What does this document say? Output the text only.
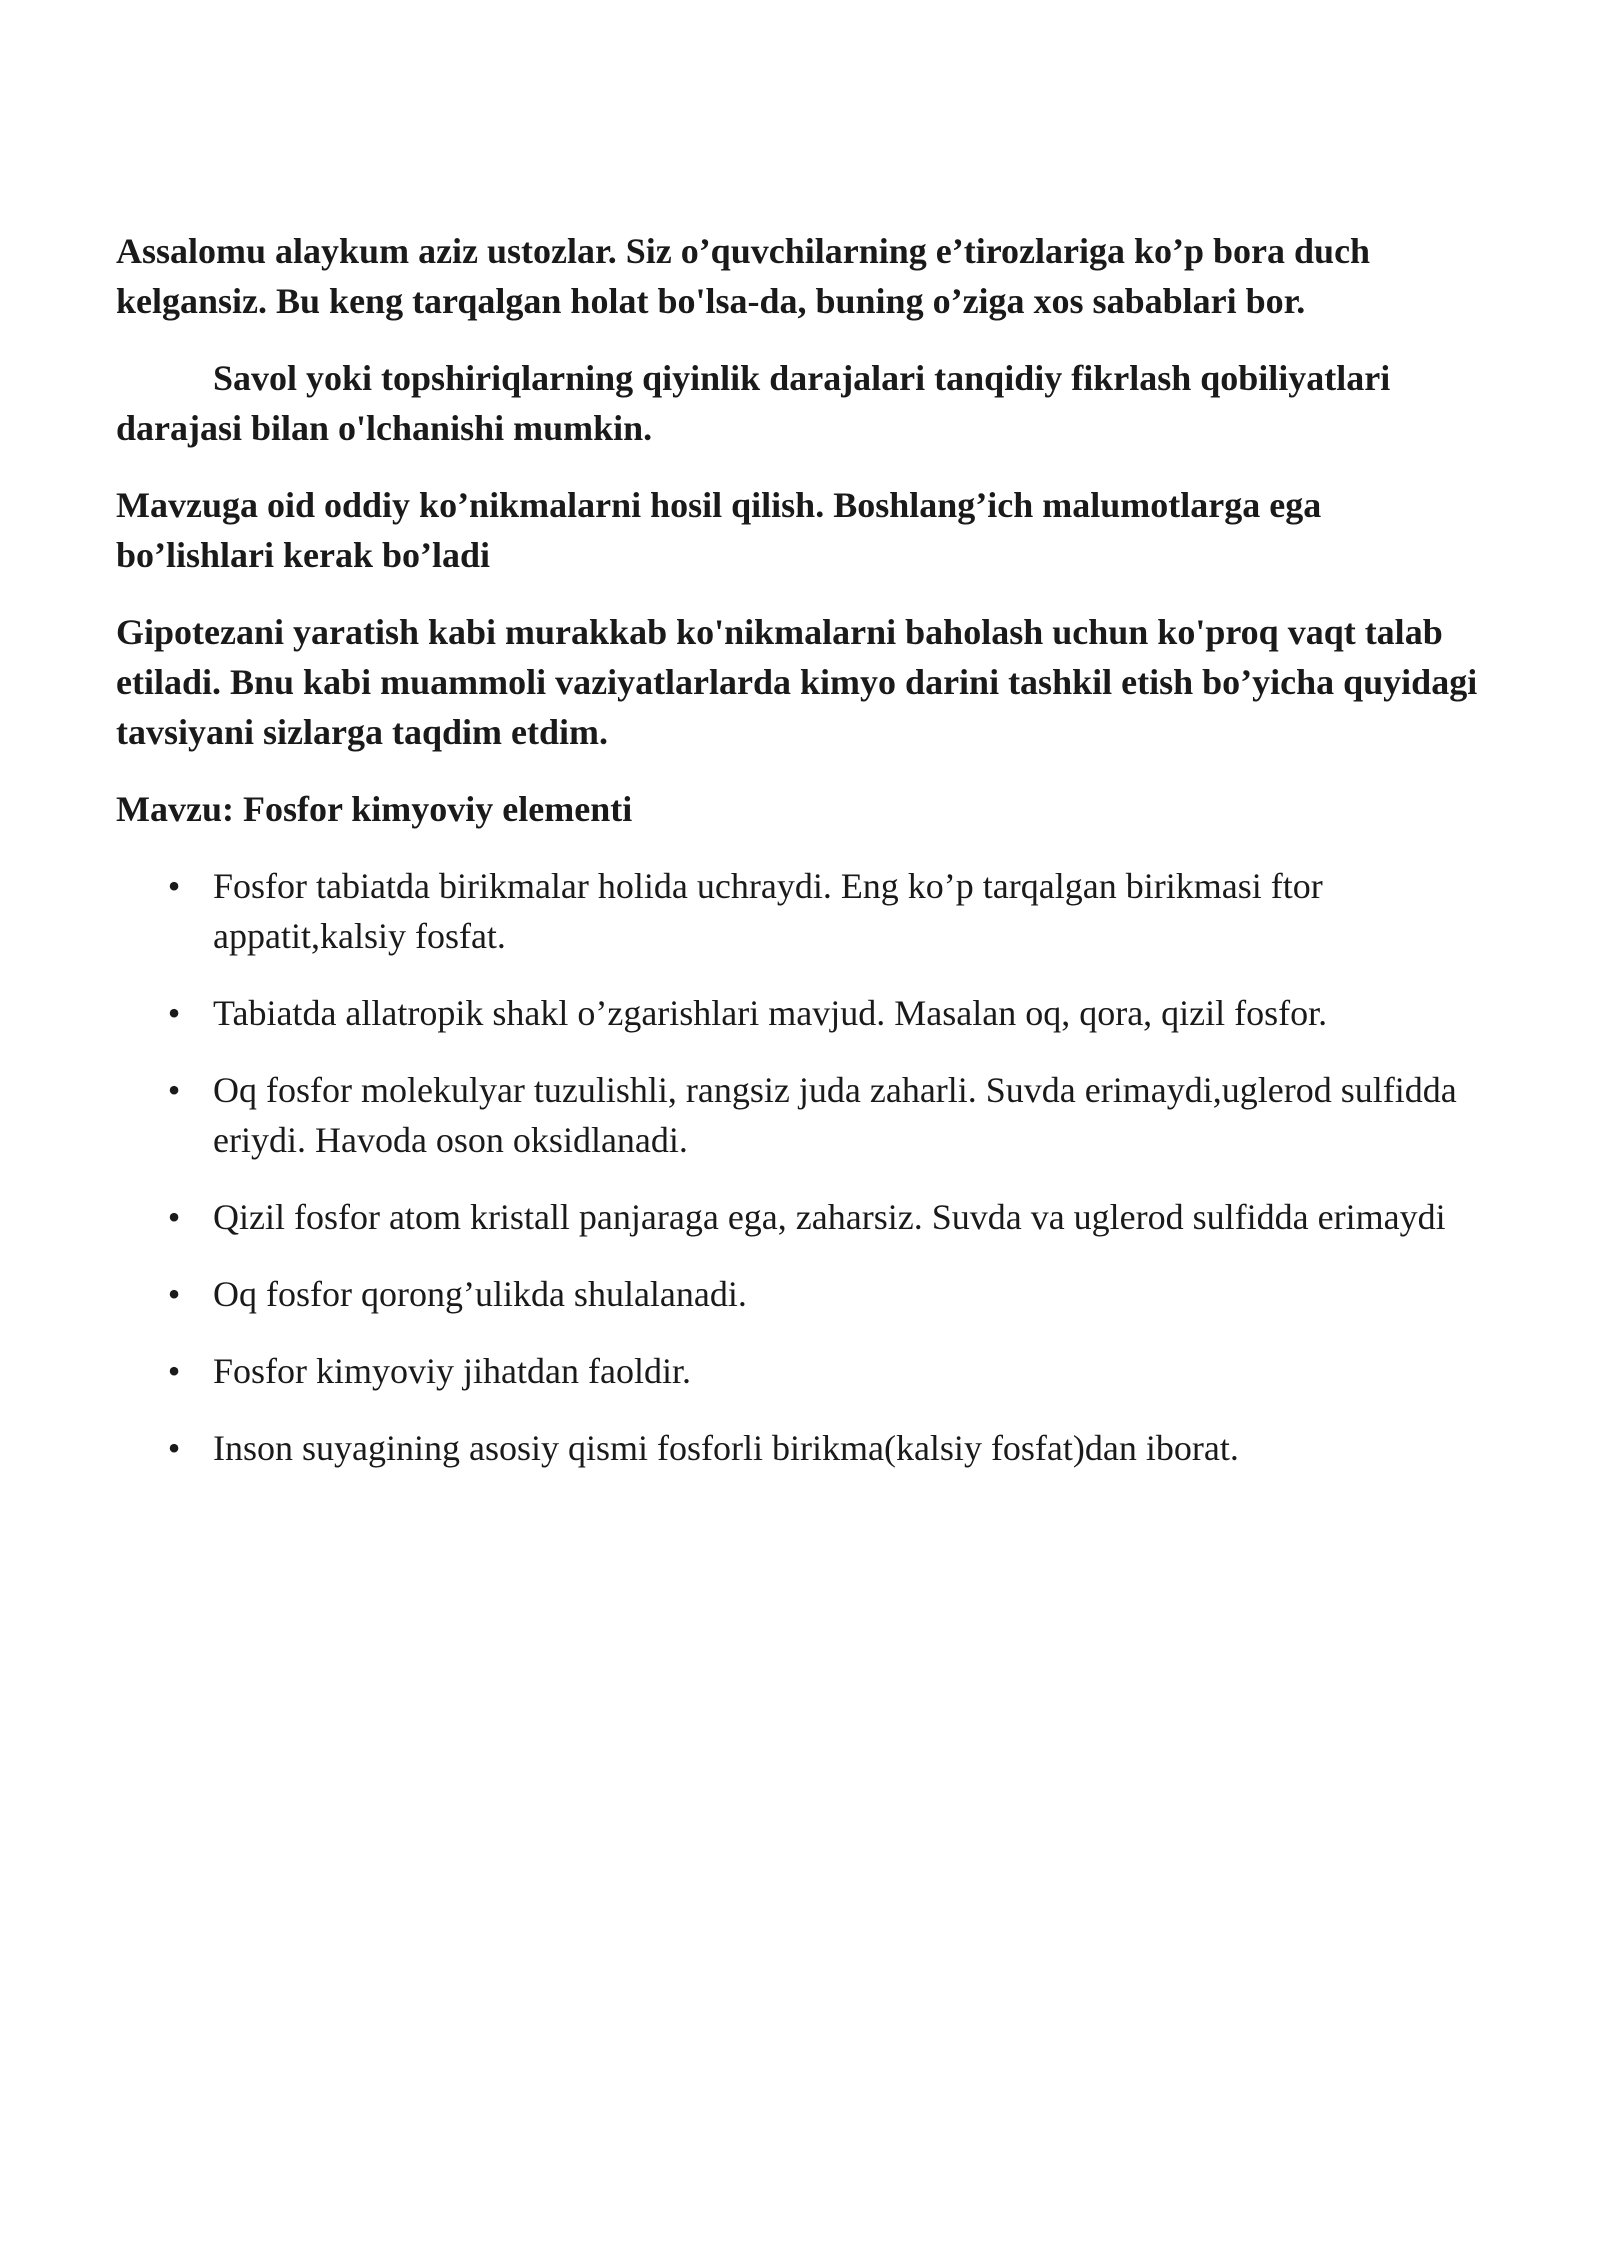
Assalomu alaykum aziz ustozlar. Siz o’quvchilarning e’tirozlariga ko’p bora duch kelgansiz. Bu keng tarqalgan holat bo'lsa-da, buning o’ziga xos sabablari bor.

Savol yoki topshiriqlarning qiyinlik darajalari tanqidiy fikrlash qobiliyatlari darajasi bilan o'lchanishi mumkin.

Mavzuga oid oddiy ko’nikmalarni hosil qilish. Boshlang’ich malumotlarga ega bo’lishlari kerak bo’ladi

Gipotezani yaratish kabi murakkab ko'nikmalarni baholash uchun ko'proq vaqt talab etiladi. Bnu kabi muammoli vaziyatlarlarda kimyo darini tashkil etish bo’yicha quyidagi tavsiyani sizlarga taqdim etdim.

Mavzu: Fosfor kimyoviy elementi

• Fosfor tabiatda birikmalar holida uchraydi. Eng ko’p tarqalgan birikmasi ftor appatit,kalsiy fosfat.
• Tabiatda allatropik shakl o’zgarishlari mavjud. Masalan oq, qora, qizil fosfor.
• Oq fosfor molekulyar tuzulishli, rangsiz juda zaharli. Suvda erimaydi,uglerod sulfidda eriydi. Havoda oson oksidlanadi.
• Qizil fosfor atom kristall panjaraga ega, zaharsiz. Suvda va uglerod sulfidda erimaydi
• Oq fosfor qorong’ulikda shulalanadi.
• Fosfor kimyoviy jihatdan faoldir.
• Inson suyagining asosiy qismi fosforli birikma(kalsiy fosfat)dan iborat.
